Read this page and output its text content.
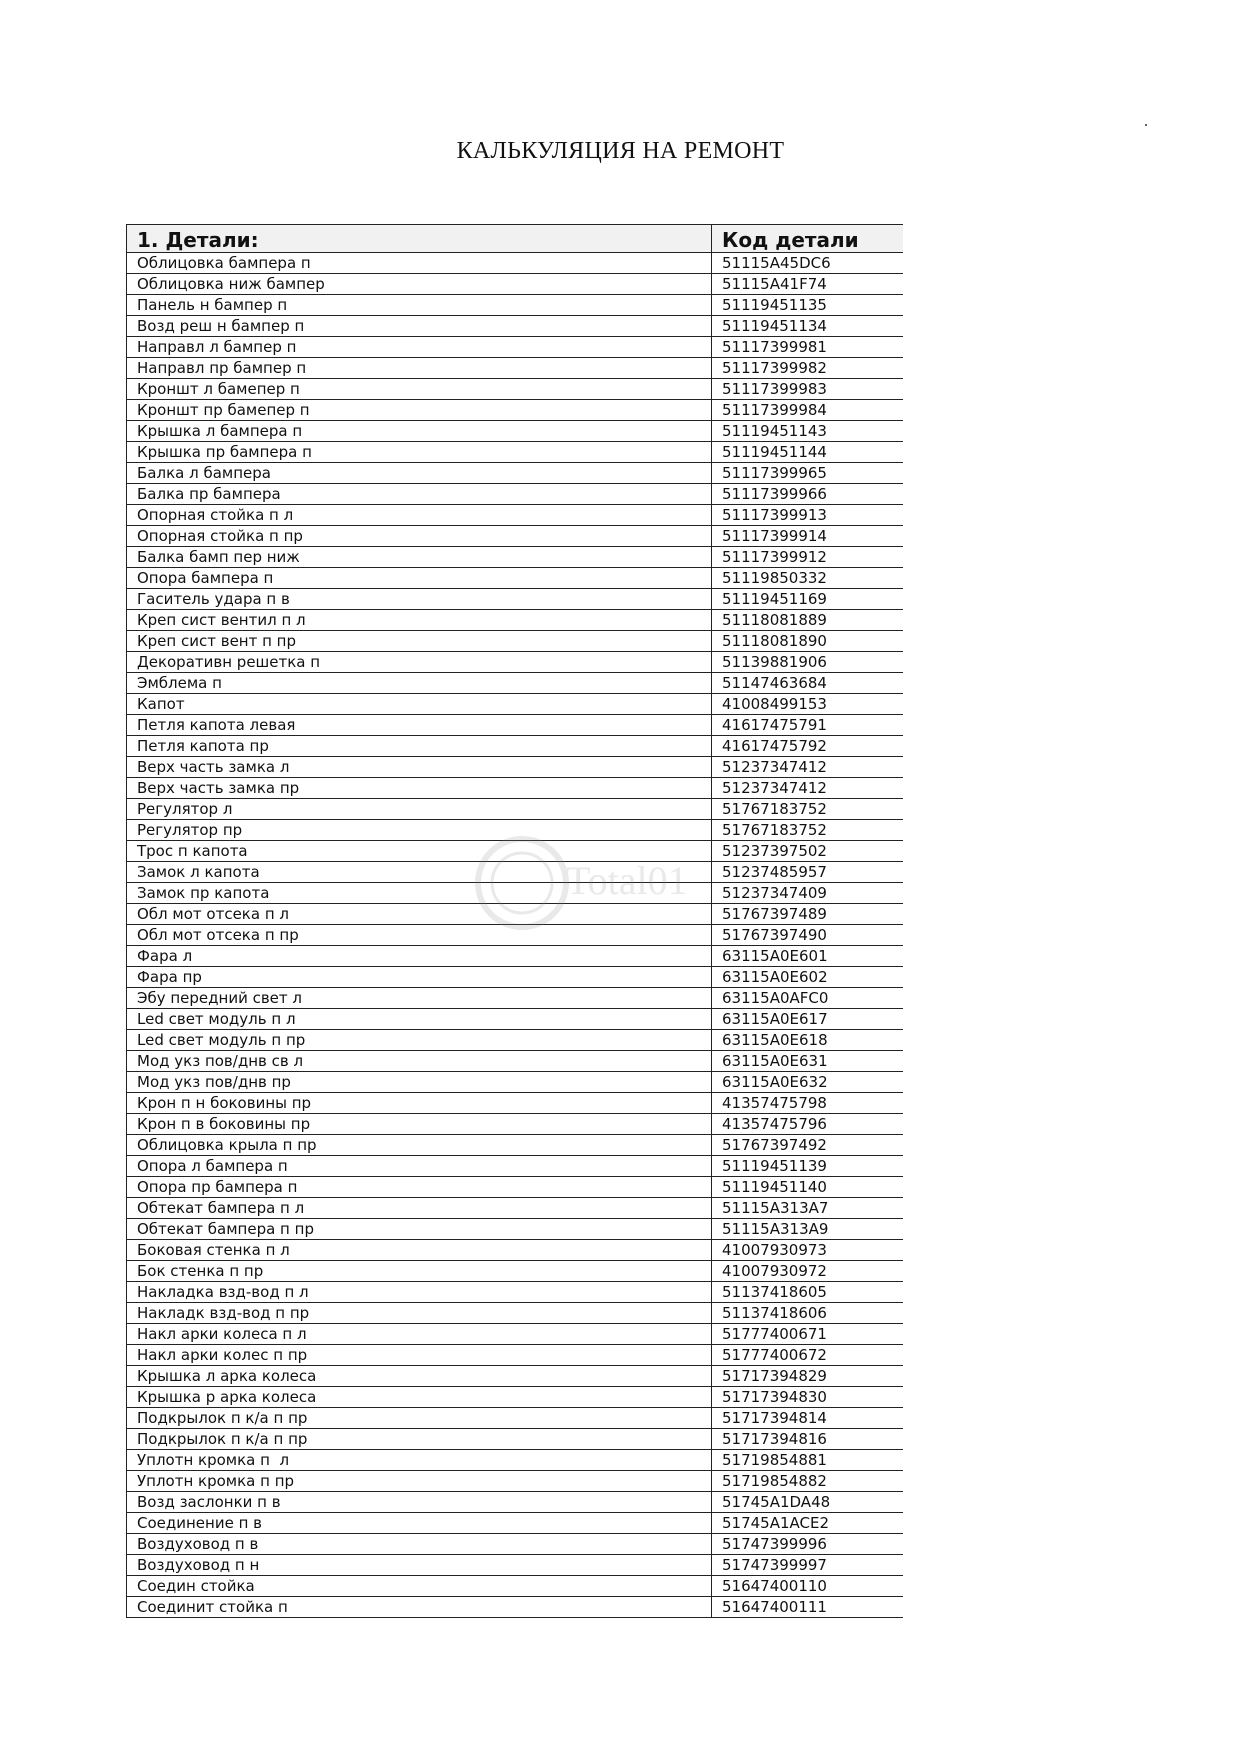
КАЛЬКУЛЯЦИЯ НА РЕМОНТ
1. Детали:	Код детали
Облицовка бампера п	51115A45DC6
Облицовка ниж бампер	51115A41F74
Панель н бампер п	51119451135
Возд реш н бампер п	51119451134
Направл л бампер п	51117399981
Направл пр бампер п	51117399982
Кроншт л бамепер п	51117399983
Кроншт пр бамепер п	51117399984
Крышка л бампера п	51119451143
Крышка пр бампера п	51119451144
Балка л бампера	51117399965
Балка пр бампера	51117399966
Опорная стойка п л	51117399913
Опорная стойка п пр	51117399914
Балка бамп пер ниж	51117399912
Опора бампера п	51119850332
Гаситель удара п в	51119451169
Креп сист вентил п л	51118081889
Креп сист вент п пр	51118081890
Декоративн решетка п	51139881906
Эмблема п	51147463684
Капот	41008499153
Петля капота левая	41617475791
Петля капота пр	41617475792
Верх часть замка л	51237347412
Верх часть замка пр	51237347412
Регулятор л	51767183752
Регулятор пр	51767183752
Трос п капота	51237397502
Замок л капота	51237485957
Замок пр капота	51237347409
Обл мот отсека п л	51767397489
Обл мот отсека п пр	51767397490
Фара л	63115A0E601
Фара пр	63115A0E602
Эбу передний свет л	63115A0AFC0
Led свет модуль п л	63115A0E617
Led свет модуль п пр	63115A0E618
Мод укз пов/днв св л	63115A0E631
Мод укз пов/днв пр	63115A0E632
Крон п н боковины пр	41357475798
Крон п в боковины пр	41357475796
Облицовка крыла п пр	51767397492
Опора л бампера п	51119451139
Опора пр бампера п	51119451140
Обтекат бампера п л	51115A313A7
Обтекат бампера п пр	51115A313A9
Боковая стенка п л	41007930973
Бок стенка п пр	41007930972
Накладка взд-вод п л	51137418605
Накладк взд-вод п пр	51137418606
Накл арки колеса п л	51777400671
Накл арки колес п пр	51777400672
Крышка л арка колеса	51717394829
Крышка р арка колеса	51717394830
Подкрылок п к/а п пр	51717394814
Подкрылок п к/а п пр	51717394816
Уплотн кромка п  л	51719854881
Уплотн кромка п пр	51719854882
Возд заслонки п в	51745A1DA48
Соединение п в	51745A1ACE2
Воздуховод п в	51747399996
Воздуховод п н	51747399997
Соедин стойка	51647400110
Соединит стойка п	51647400111
Total01
